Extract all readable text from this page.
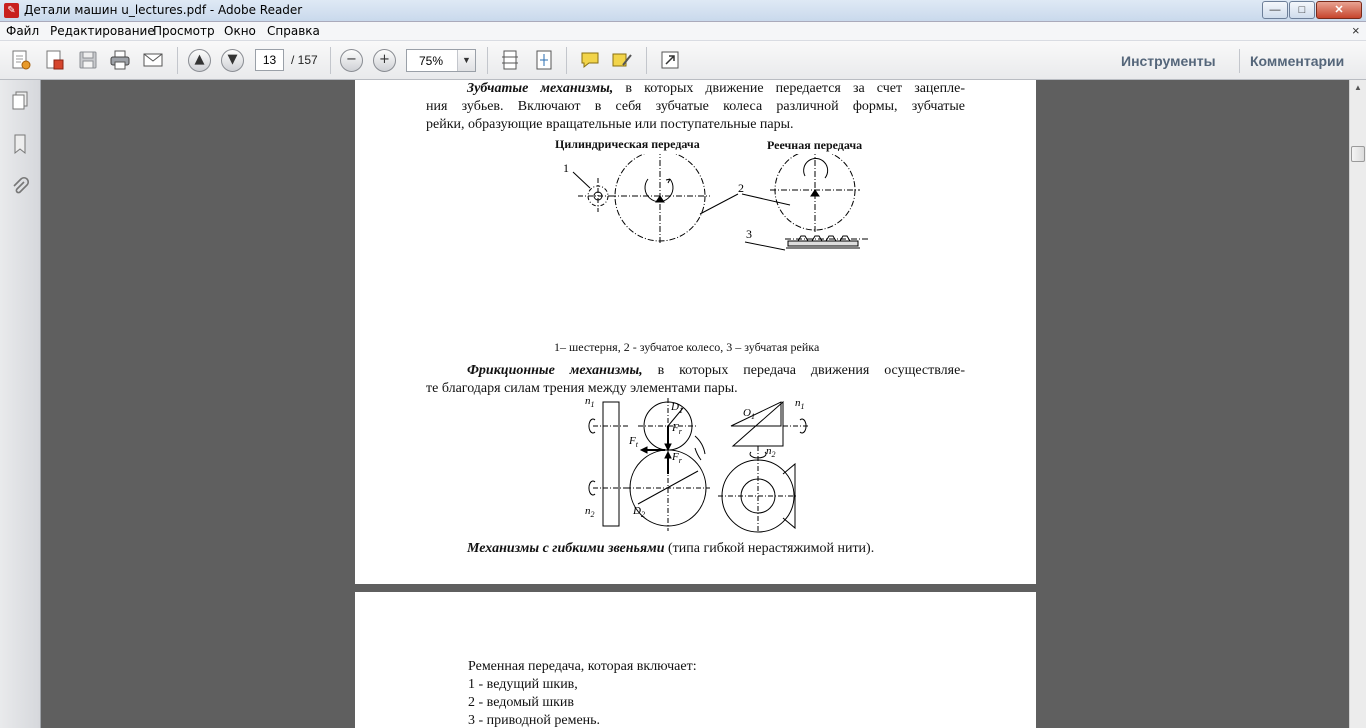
✎ Детали машин u_lectures.pdf - Adobe Reader	—	□	✕
Файл Редактирование
Просмотр Окно Справка	×
▲	▼	13	/ 157	−	+	75%	▼	Инструменты Комментарии
Зубчатые механизмы, в которых движение передается за счет зацепле-
ния зубьев. Включают в себя зубчатые колеса различной формы, зубчатые
рейки, образующие вращательные или поступательные пары.
Цилиндрическая передача	Реечная передача
1
2
3
1– шестерня, 2 - зубчатое колесо, 3 – зубчатая рейка
Фрикционные механизмы, в которых передача движения осуществляе-
те благодаря силам трения между элементами пары.
$n_1$
$n_2$
$D_1$
$D_2$
$F_t$
$F_r$
$F_r$
$O_1$
$n_1$
$n_2$
Механизмы с гибкими звеньями (типа гибкой нерастяжимой нити).
Ременная передача, которая включает:
1 - ведущий шкив,
2 - ведомый шкив
3 - приводной ремень.
▲
